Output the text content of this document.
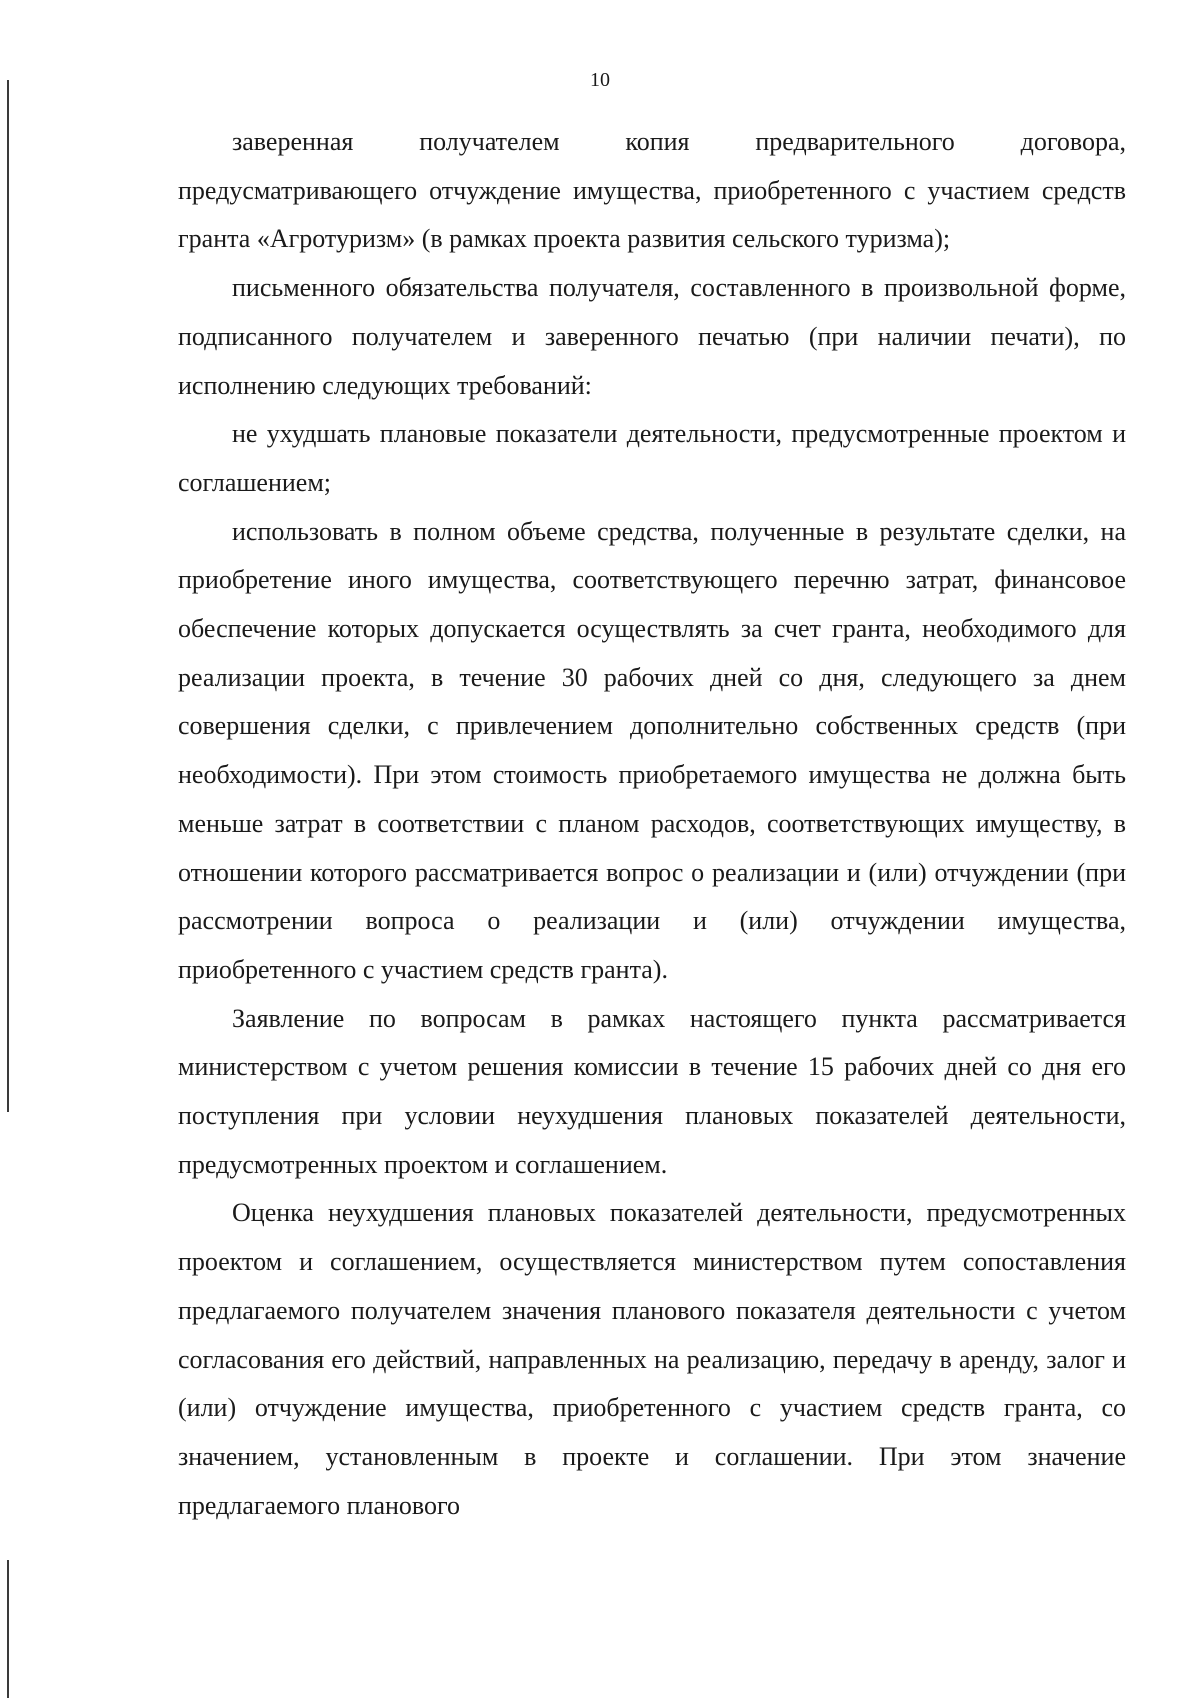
10

заверенная получателем копия предварительного договора, предусматривающего отчуждение имущества, приобретенного с участием средств гранта «Агротуризм» (в рамках проекта развития сельского туризма);

письменного обязательства получателя, составленного в произвольной форме, подписанного получателем и заверенного печатью (при наличии печати), по исполнению следующих требований:

не ухудшать плановые показатели деятельности, предусмотренные проектом и соглашением;

использовать в полном объеме средства, полученные в результате сделки, на приобретение иного имущества, соответствующего перечню затрат, финансовое обеспечение которых допускается осуществлять за счет гранта, необходимого для реализации проекта, в течение 30 рабочих дней со дня, следующего за днем совершения сделки, с привлечением дополнительно собственных средств (при необходимости). При этом стоимость приобретаемого имущества не должна быть меньше затрат в соответствии с планом расходов, соответствующих имуществу, в отношении которого рассматривается вопрос о реализации и (или) отчуждении (при рассмотрении вопроса о реализации и (или) отчуждении имущества, приобретенного с участием средств гранта).

Заявление по вопросам в рамках настоящего пункта рассматривается министерством с учетом решения комиссии в течение 15 рабочих дней со дня его поступления при условии неухудшения плановых показателей деятельности, предусмотренных проектом и соглашением.

Оценка неухудшения плановых показателей деятельности, предусмотренных проектом и соглашением, осуществляется министерством путем сопоставления предлагаемого получателем значения планового показателя деятельности с учетом согласования его действий, направленных на реализацию, передачу в аренду, залог и (или) отчуждение имущества, приобретенного с участием средств гранта, со значением, установленным в проекте и соглашении. При этом значение предлагаемого планового
